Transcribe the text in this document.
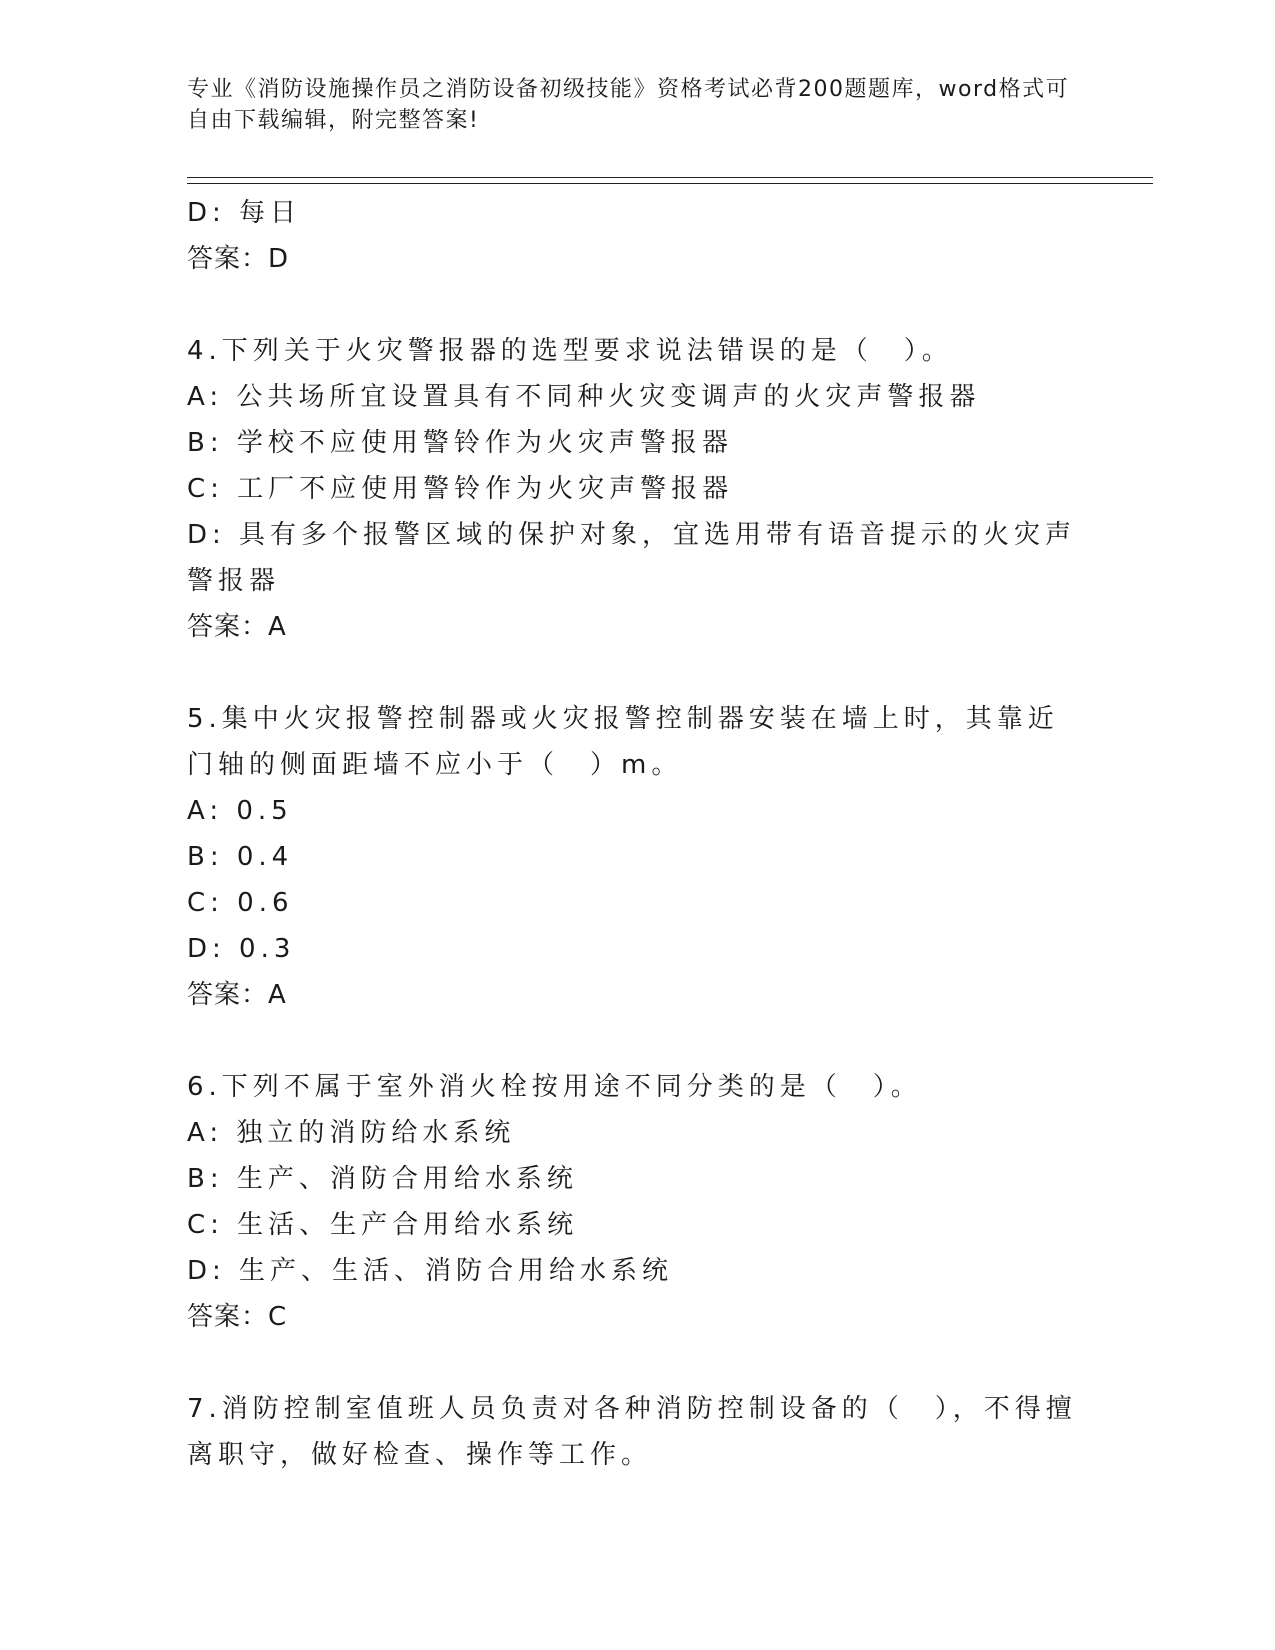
专业《消防设施操作员之消防设备初级技能》资格考试必背200题题库，word格式可自由下载编辑，附完整答案!
D: 每日
答案：D
4.下列关于火灾警报器的选型要求说法错误的是（　）。
A: 公共场所宜设置具有不同种火灾变调声的火灾声警报器
B: 学校不应使用警铃作为火灾声警报器
C: 工厂不应使用警铃作为火灾声警报器
D: 具有多个报警区域的保护对象，宜选用带有语音提示的火灾声警报器
答案：A
5.集中火灾报警控制器或火灾报警控制器安装在墙上时，其靠近门轴的侧面距墙不应小于（　）m。
A: 0.5
B: 0.4
C: 0.6
D: 0.3
答案：A
6.下列不属于室外消火栓按用途不同分类的是（　）。
A: 独立的消防给水系统
B: 生产、消防合用给水系统
C: 生活、生产合用给水系统
D: 生产、生活、消防合用给水系统
答案：C
7.消防控制室值班人员负责对各种消防控制设备的（　），不得擅离职守，做好检查、操作等工作。
